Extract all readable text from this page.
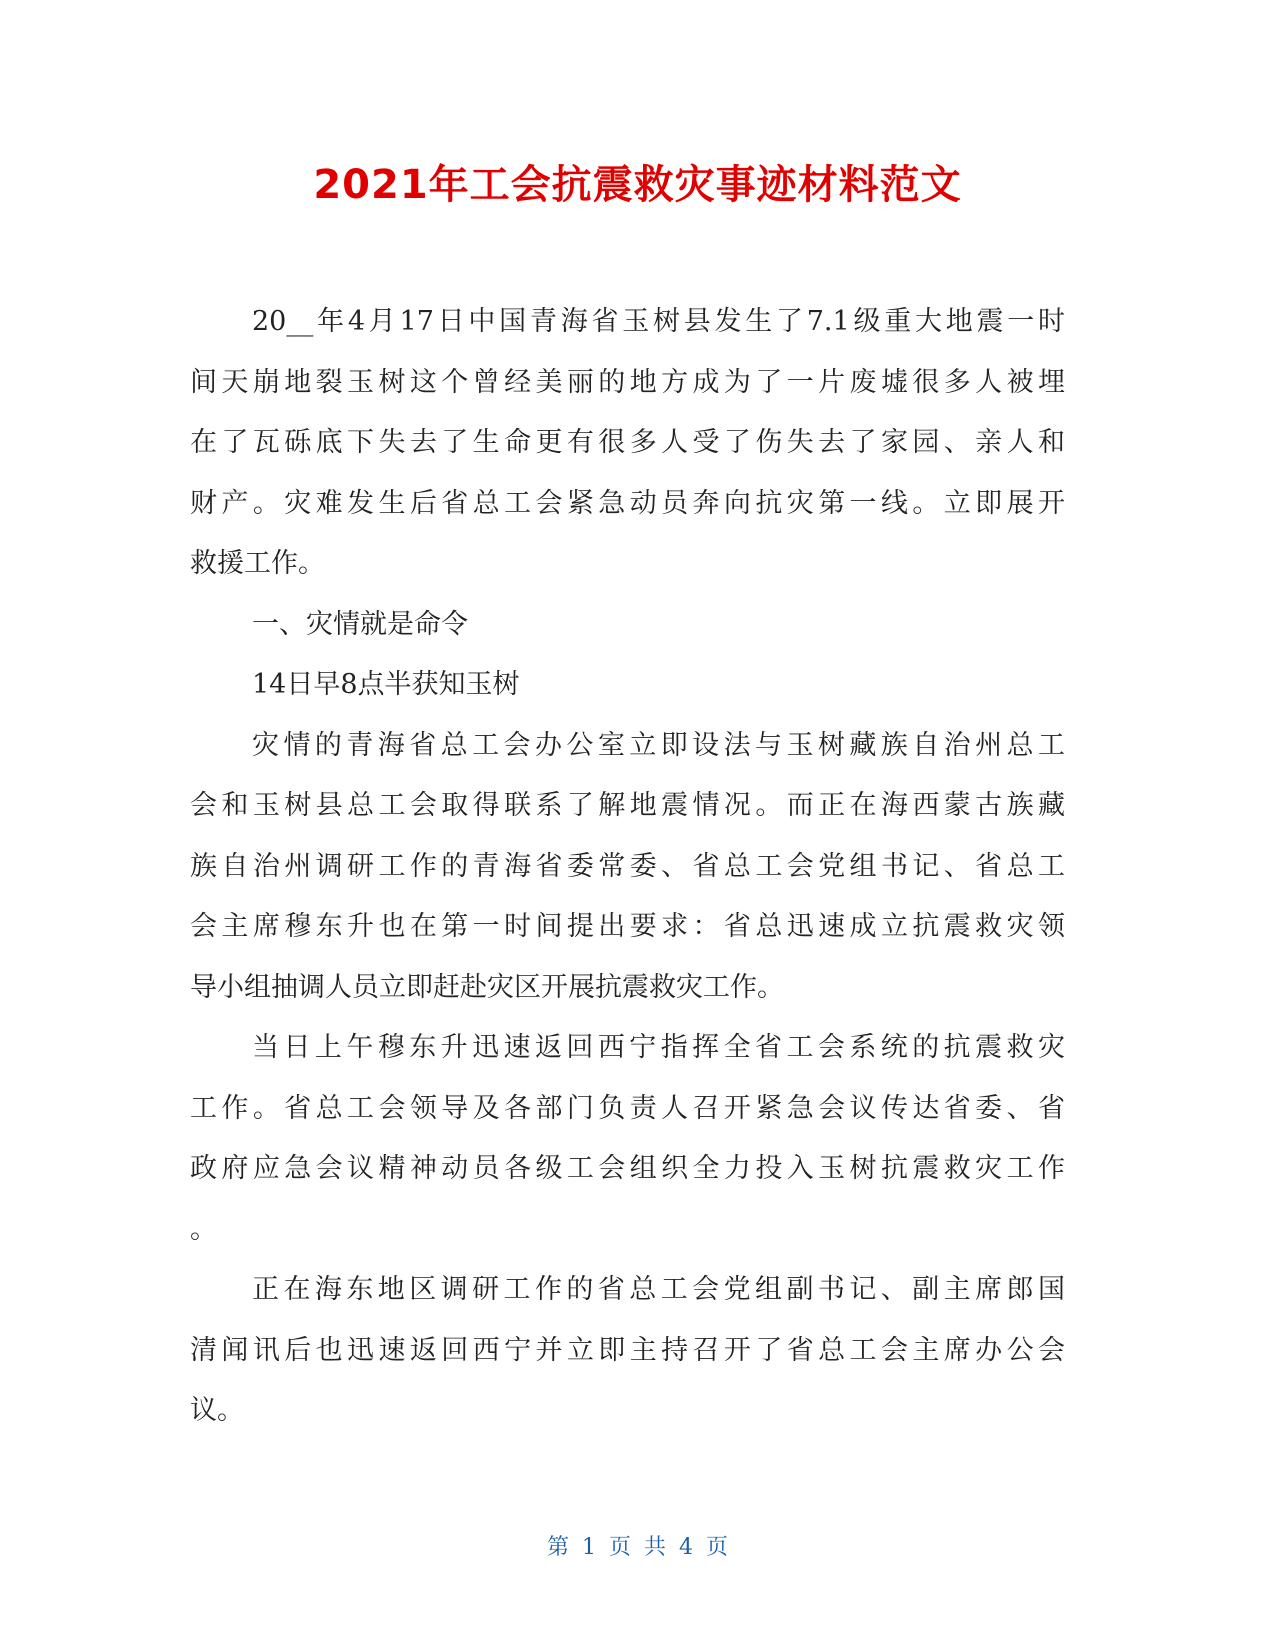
2021年工会抗震救灾事迹材料范文
20__年4月17日中国青海省玉树县发生了7.1级重大地震一时
间天崩地裂玉树这个曾经美丽的地方成为了一片废墟很多人被埋
在了瓦砾底下失去了生命更有很多人受了伤失去了家园、亲人和
财产。灾难发生后省总工会紧急动员奔向抗灾第一线。立即展开
救援工作。
一、灾情就是命令
14日早8点半获知玉树
灾情的青海省总工会办公室立即设法与玉树藏族自治州总工
会和玉树县总工会取得联系了解地震情况。而正在海西蒙古族藏
族自治州调研工作的青海省委常委、省总工会党组书记、省总工
会主席穆东升也在第一时间提出要求：省总迅速成立抗震救灾领
导小组抽调人员立即赶赴灾区开展抗震救灾工作。
当日上午穆东升迅速返回西宁指挥全省工会系统的抗震救灾
工作。省总工会领导及各部门负责人召开紧急会议传达省委、省
政府应急会议精神动员各级工会组织全力投入玉树抗震救灾工作
。
正在海东地区调研工作的省总工会党组副书记、副主席郎国
清闻讯后也迅速返回西宁并立即主持召开了省总工会主席办公会
议。
第 1 页 共 4 页
